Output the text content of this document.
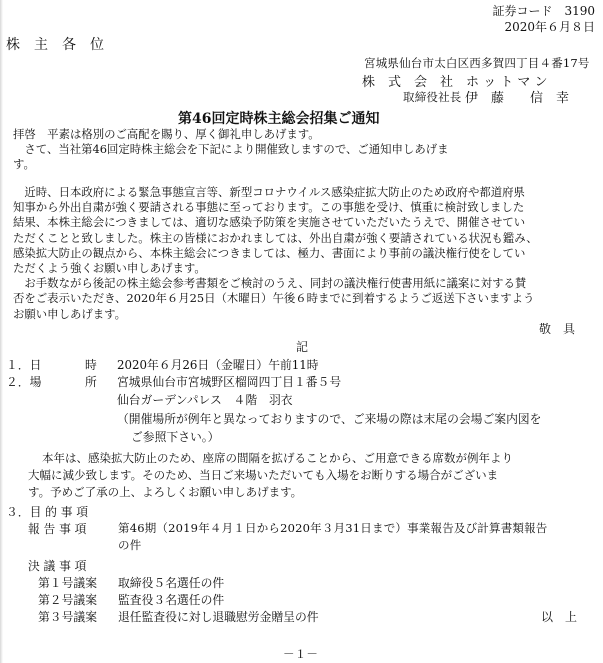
証券コード　3190
2020年６月８日
株　主　各　位
宮城県仙台市太白区西多賀四丁目４番17号
株　式　会　社　ホ ッ ト マ ン
取締役社長 伊　藤　　信　幸
第46回定時株主総会招集ご通知
拝啓　平素は格別のご高配を賜り、厚く御礼申しあげます。
　さて、当社第46回定時株主総会を下記により開催致しますので、ご通知申しあげま
す。
　近時、日本政府による緊急事態宣言等、新型コロナウイルス感染症拡大防止のため政府や都道府県
知事から外出自粛が強く要請される事態に至っております。この事態を受け、慎重に検討致しました
結果、本株主総会につきましては、適切な感染予防策を実施させていただいたうえで、開催させてい
ただくことと致しました。株主の皆様におかれましては、外出自粛が強く要請されている状況も鑑み、
感染拡大防止の観点から、本株主総会につきましては、極力、書面により事前の議決権行使をしてい
ただくよう強くお願い申しあげます。
　お手数ながら後記の株主総会参考書類をご検討のうえ、同封の議決権行使書用紙に議案に対する賛
否をご表示いただき、2020年６月25日（木曜日）午後６時までに到着するようご返送下さいますよう
お願い申しあげます。
敬　具
記
１．日	時 2020年６月26日（金曜日）午前11時
２．場	所 宮城県仙台市宮城野区榴岡四丁目１番５号
仙台ガーデンパレス　４階　羽衣
（開催場所が例年と異なっておりますので、ご来場の際は末尾の会場ご案内図を
ご参照下さい。）
本年は、感染拡大防止のため、座席の間隔を拡げることから、ご用意できる席数が例年より
大幅に減少致します。そのため、当日ご来場いただいても入場をお断りする場合がございま
す。予めご了承の上、よろしくお願い申しあげます。
３．目 的 事 項
報 告 事 項	第46期（2019年４月１日から2020年３月31日まで）事業報告及び計算書類報告
の件
決 議 事 項
第１号議案 取締役５名選任の件
第２号議案 監査役３名選任の件
第３号議案 退任監査役に対し退職慰労金贈呈の件	以　上
－１－
